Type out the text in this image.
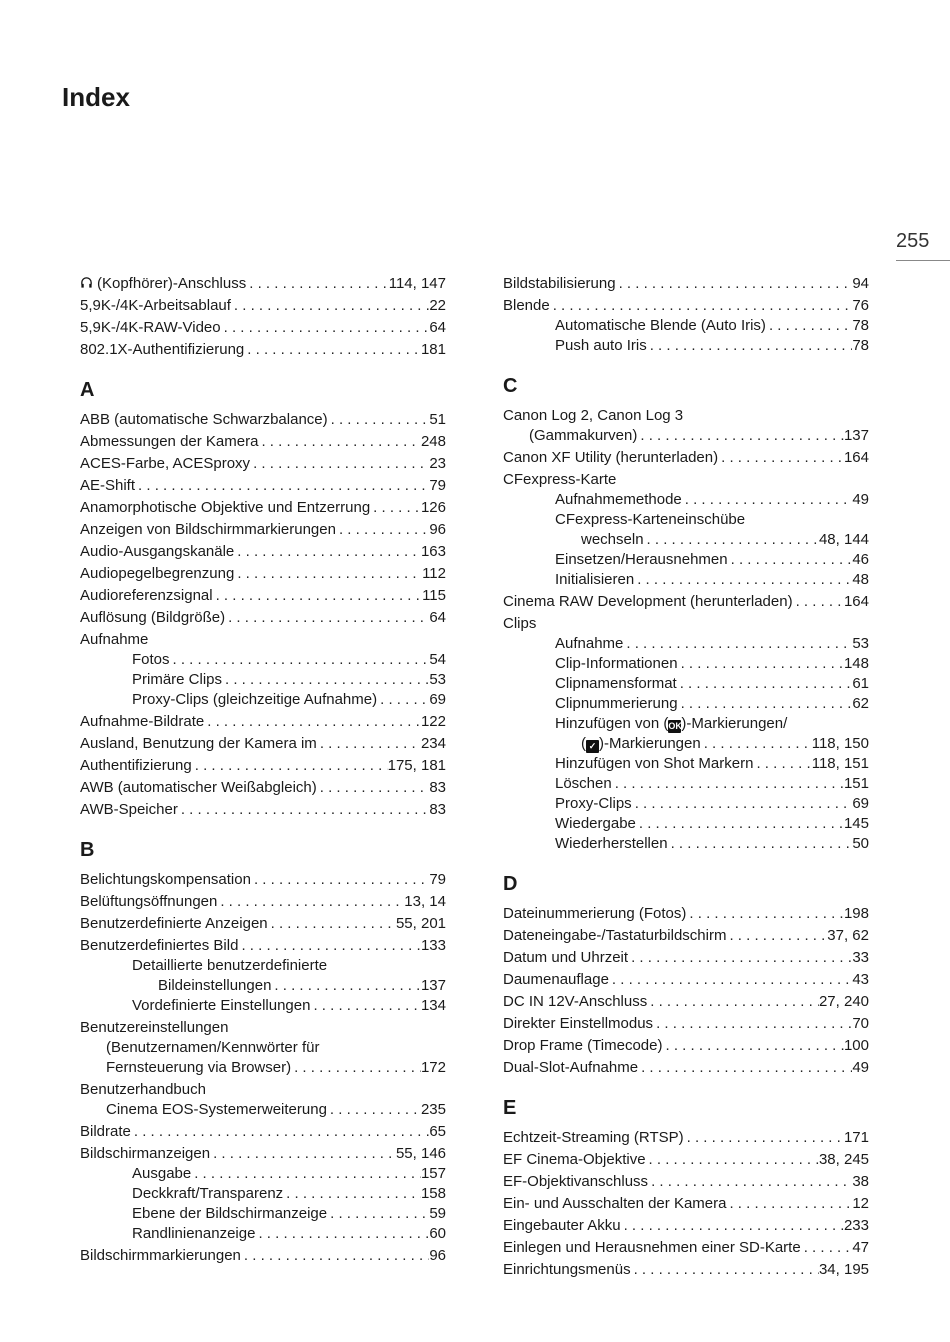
Index
255
(Kopfhörer)-Anschluss . . .	114, 147
5,9K-/4K-Arbeitsablauf . . .	22
5,9K-/4K-RAW-Video . . .	64
802.1X-Authentifizierung . . .	181
A
ABB (automatische Schwarzbalance) . . .	51
Abmessungen der Kamera . . .	248
ACES-Farbe, ACESproxy . . .	23
AE-Shift . . .	79
Anamorphotische Objektive und Entzerrung . . .	126
Anzeigen von Bildschirmmarkierungen . . .	96
Audio-Ausgangskanäle . . .	163
Audiopegelbegrenzung . . .	112
Audioreferenzsignal . . .	115
Auflösung (Bildgröße) . . .	64
Aufnahme
Fotos . . .	54
Primäre Clips . . .	53
Proxy-Clips (gleichzeitige Aufnahme) . . .	69
Aufnahme-Bildrate . . .	122
Ausland, Benutzung der Kamera im . . .	234
Authentifizierung . . .	175, 181
AWB (automatischer Weißabgleich) . . .	83
AWB-Speicher . . .	83
B
Belichtungskompensation . . .	79
Belüftungsöffnungen . . .	13, 14
Benutzerdefinierte Anzeigen . . .	55, 201
Benutzerdefiniertes Bild . . .	133
Detaillierte benutzerdefinierte
Bildeinstellungen . . .	137
Vordefinierte Einstellungen . . .	134
Benutzereinstellungen
(Benutzernamen/Kennwörter für
Fernsteuerung via Browser) . . .	172
Benutzerhandbuch
Cinema EOS-Systemerweiterung . . .	235
Bildrate . . .	65
Bildschirmanzeigen . . .	55, 146
Ausgabe . . .	157
Deckkraft/Transparenz . . .	158
Ebene der Bildschirmanzeige . . .	59
Randlinienanzeige . . .	60
Bildschirmmarkierungen . . .	96
Bildstabilisierung . . .	94
Blende . . .	76
Automatische Blende (Auto Iris) . . .	78
Push auto Iris . . .	78
C
Canon Log 2, Canon Log 3
(Gammakurven) . . .	137
Canon XF Utility (herunterladen) . . .	164
CFexpress-Karte
Aufnahmemethode . . .	49
CFexpress-Karteneinschübe
wechseln . . .	48, 144
Einsetzen/Herausnehmen . . .	46
Initialisieren . . .	48
Cinema RAW Development (herunterladen) . . .	164
Clips
Aufnahme . . .	53
Clip-Informationen . . .	148
Clipnamensformat . . .	61
Clipnummerierung . . .	62
Hinzufügen von (OK)-Markierungen/
( ✓ )-Markierungen . . .	118, 150
Hinzufügen von Shot Markern . . .	118, 151
Löschen . . .	151
Proxy-Clips . . .	69
Wiedergabe . . .	145
Wiederherstellen . . .	50
D
Dateinummerierung (Fotos) . . .	198
Dateneingabe-/Tastaturbildschirm . . .	37, 62
Datum und Uhrzeit . . .	33
Daumenauflage . . .	43
DC IN 12V-Anschluss . . .	27, 240
Direkter Einstellmodus . . .	70
Drop Frame (Timecode) . . .	100
Dual-Slot-Aufnahme . . .	49
E
Echtzeit-Streaming (RTSP) . . .	171
EF Cinema-Objektive . . .	38, 245
EF-Objektivanschluss . . .	38
Ein- und Ausschalten der Kamera . . .	12
Eingebauter Akku . . .	233
Einlegen und Herausnehmen einer SD-Karte . . .	47
Einrichtungsmenüs . . .	34, 195
